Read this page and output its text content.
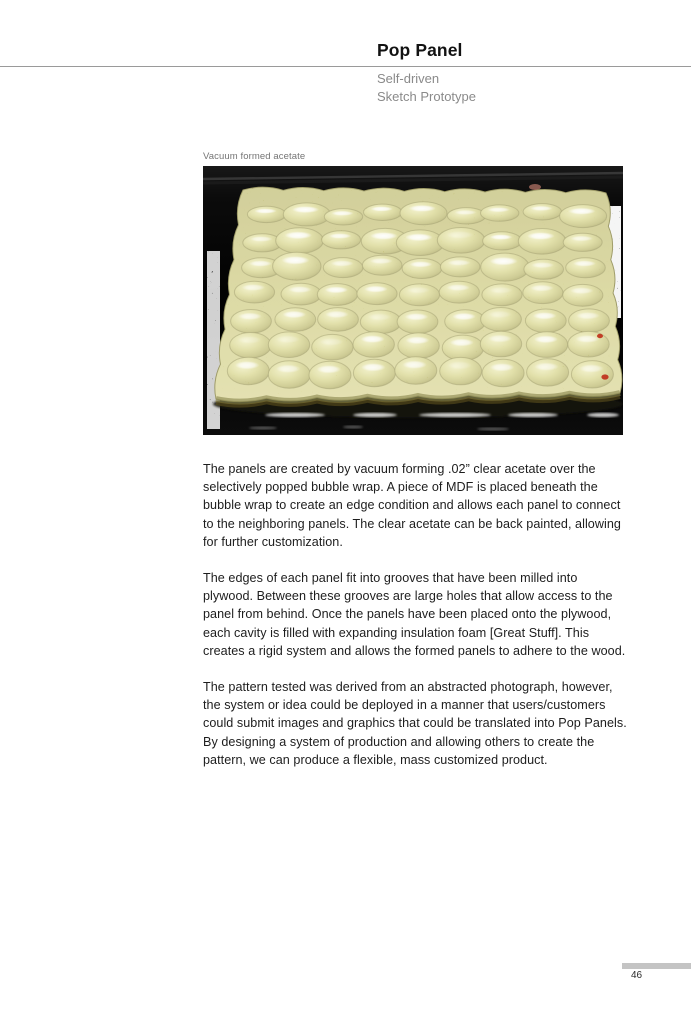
Pop Panel
Self-driven
Sketch Prototype
Vacuum formed acetate

The panels are created by vacuum forming .02” clear acetate over the selectively popped bubble wrap. A piece of MDF is placed beneath the bubble wrap to create an edge condition and allows each panel to connect to the neighboring panels. The clear acetate can be back painted, allowing for further customization.

The edges of each panel fit into grooves that have been milled into plywood. Between these grooves are large holes that allow access to the panel from behind. Once the panels have been placed onto the plywood, each cavity is filled with expanding insulation foam [Great Stuff]. This creates a rigid system and allows the formed panels to adhere to the wood.

The pattern tested was derived from an abstracted photograph, however, the system or idea could be deployed in a manner that users/customers could submit images and graphics that could be translated into Pop Panels. By designing a system of production and allowing others to create the pattern, we can produce a flexible, mass customized product.

46
